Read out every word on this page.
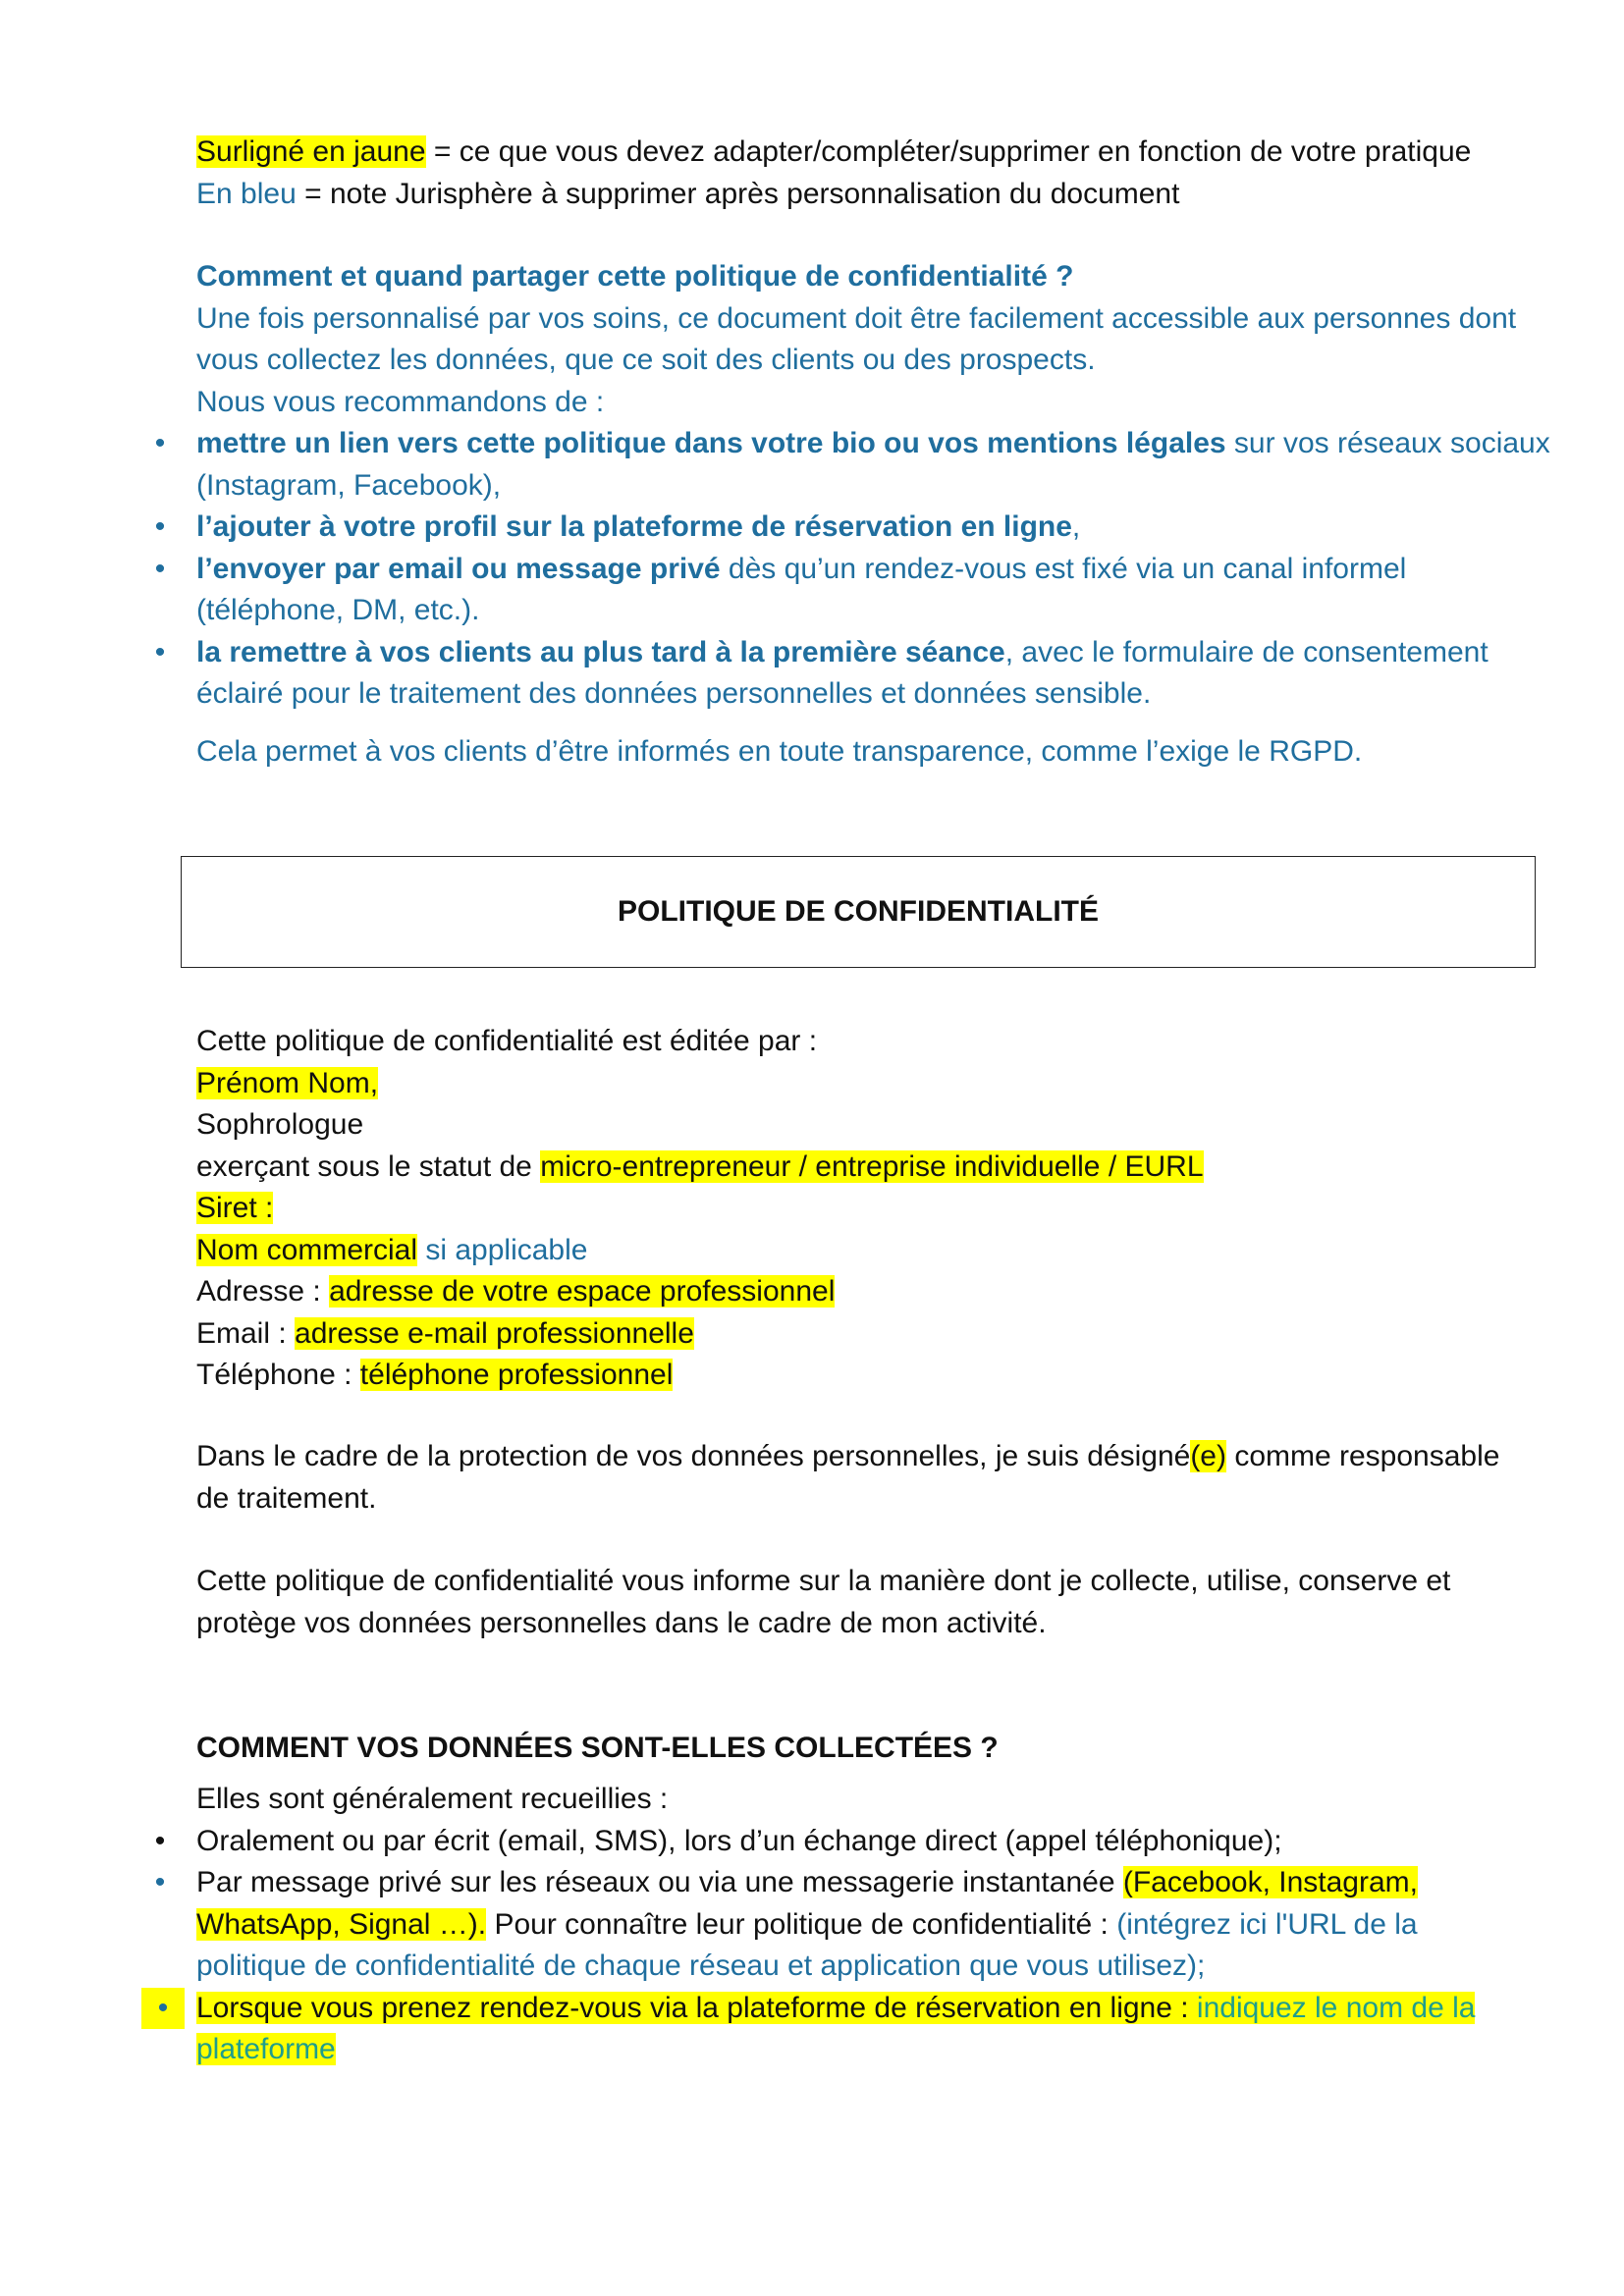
Surligné en jaune = ce que vous devez adapter/compléter/supprimer en fonction de votre pratique
En bleu = note Jurisphère à supprimer après personnalisation du document
Comment et quand partager cette politique de confidentialité ?
Une fois personnalisé par vos soins, ce document doit être facilement accessible aux personnes dont
vous collectez les données, que ce soit des clients ou des prospects.
Nous vous recommandons de :
•	mettre un lien vers cette politique dans votre bio ou vos mentions légales sur vos réseaux sociaux
(Instagram, Facebook),
•	l’ajouter à votre profil sur la plateforme de réservation en ligne,
•	l’envoyer par email ou message privé dès qu’un rendez-vous est fixé via un canal informel
(téléphone, DM, etc.).
•	la remettre à vos clients au plus tard à la première séance, avec le formulaire de consentement
éclairé pour le traitement des données personnelles et données sensible.
Cela permet à vos clients d’être informés en toute transparence, comme l’exige le RGPD.
POLITIQUE DE CONFIDENTIALITÉ
Cette politique de confidentialité est éditée par :
Prénom Nom,
Sophrologue
exerçant sous le statut de micro-entrepreneur / entreprise individuelle / EURL
Siret :
Nom commercial si applicable
Adresse : adresse de votre espace professionnel
Email : adresse e-mail professionnelle
Téléphone : téléphone professionnel
Dans le cadre de la protection de vos données personnelles, je suis désigné(e) comme responsable
de traitement.
Cette politique de confidentialité vous informe sur la manière dont je collecte, utilise, conserve et
protège vos données personnelles dans le cadre de mon activité.
COMMENT VOS DONNÉES SONT-ELLES COLLECTÉES ?
Elles sont généralement recueillies :
•	Oralement ou par écrit (email, SMS), lors d’un échange direct (appel téléphonique);
•	Par message privé sur les réseaux ou via une messagerie instantanée (Facebook, Instagram,
WhatsApp, Signal …). Pour connaître leur politique de confidentialité : (intégrez ici l'URL de la
politique de confidentialité de chaque réseau et application que vous utilisez);
• Lorsque vous prenez rendez-vous via la plateforme de réservation en ligne : indiquez le nom de la
plateforme
